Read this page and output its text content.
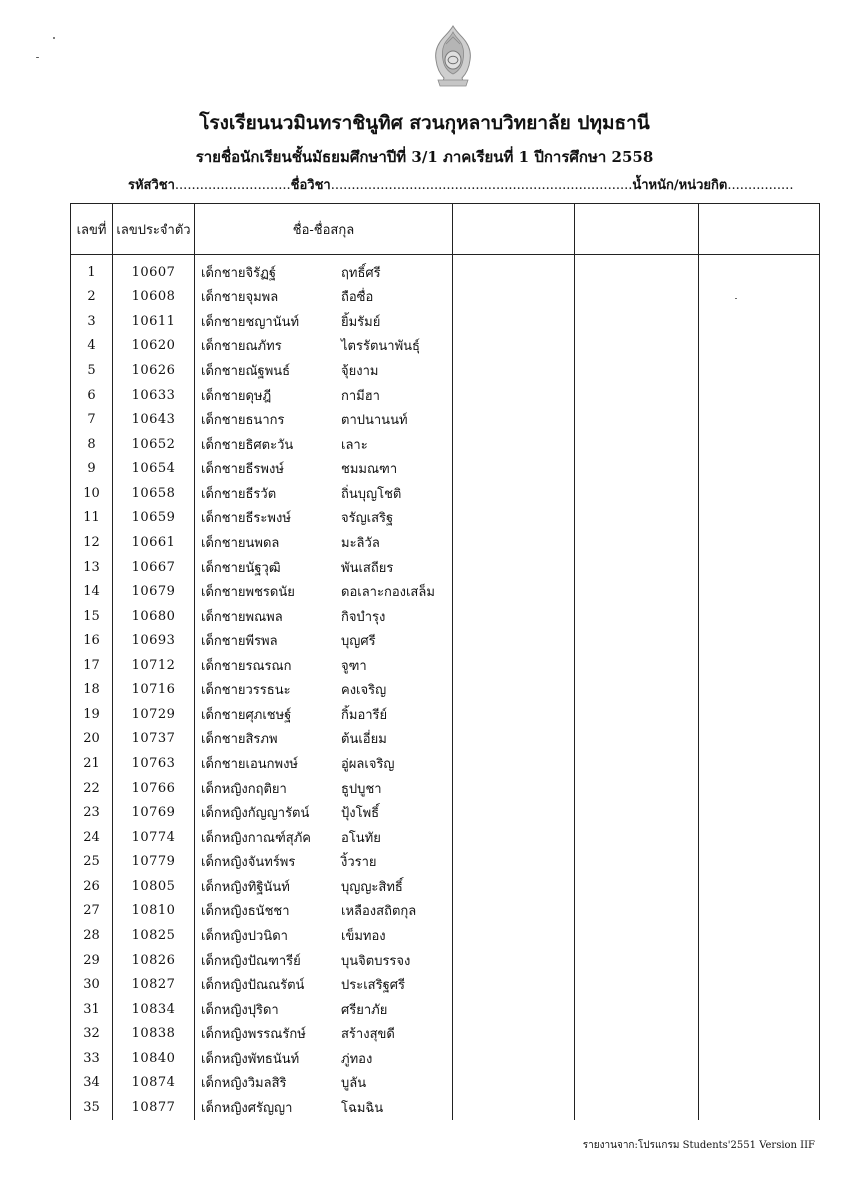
โรงเรียนนวมินทราชินูทิศ สวนกุหลาบวิทยาลัย ปทุมธานี
รายชื่อนักเรียนชั้นมัธยมศึกษาปีที่ 3/1 ภาคเรียนที่ 1 ปีการศึกษา 2558
รหัสวิชา............................ชื่อวิชา.........................................................................น้ำหนัก/หน่วยกิต................
เลขที่	เลขประจำตัว	ชื่อ-ชื่อสกุล			

1	10607	เด็กชายจิรัฏฐ์ ฤทธิ์ศรี			
2	10608	เด็กชายจุมพล ถือซื่อ			
3	10611	เด็กชายชญานันท์ ยิ้มรัมย์			
4	10620	เด็กชายณภัทร ไตรรัตนาพันธุ์			
5	10626	เด็กชายณัฐพนธ์ จุ้ยงาม			
6	10633	เด็กชายดุษฎี กามีฮา			
7	10643	เด็กชายธนากร ตาปนานนท์			
8	10652	เด็กชายธิศตะวัน เลาะ			
9	10654	เด็กชายธีรพงษ์ ชมมณฑา			
10	10658	เด็กชายธีรวัต ถิ่นบุญโชติ			
11	10659	เด็กชายธีระพงษ์ จรัญเสริฐ			
12	10661	เด็กชายนพดล มะลิวัล			
13	10667	เด็กชายนัฐวุฒิ พันเสถียร			
14	10679	เด็กชายพชรดนัย ดอเลาะกองเสล็ม			
15	10680	เด็กชายพณพล กิจบำรุง			
16	10693	เด็กชายพีรพล บุญศรี			
17	10712	เด็กชายรณรณก จูฑา			
18	10716	เด็กชายวรรธนะ คงเจริญ			
19	10729	เด็กชายศุภเชษฐ์ กิ้มอารีย์			
20	10737	เด็กชายสิรภพ ต้นเอี่ยม			
21	10763	เด็กชายเอนกพงษ์ อู่ผลเจริญ			
22	10766	เด็กหญิงกฤติยา ธูปบูชา			
23	10769	เด็กหญิงกัญญารัตน์ ปุ้งโพธิ์			
24	10774	เด็กหญิงกาณฑ์สุภัค อโนทัย			
25	10779	เด็กหญิงจันทร์พร งิ้วราย			
26	10805	เด็กหญิงทิฐินันท์ บุญญะสิทธิ์			
27	10810	เด็กหญิงธนัชชา เหลืองสถิตกุล			
28	10825	เด็กหญิงปวนิดา เข็มทอง			
29	10826	เด็กหญิงปัณฑารีย์ บุนจิตบรรจง			
30	10827	เด็กหญิงปัณณรัตน์ ประเสริฐศรี			
31	10834	เด็กหญิงปุริดา ศรียาภัย			
32	10838	เด็กหญิงพรรณรักษ์ สร้างสุขดี			
33	10840	เด็กหญิงพัทธนันท์ ภู่ทอง			
34	10874	เด็กหญิงวิมลสิริ บูลัน			
35	10877	เด็กหญิงศรัญญา โฉมฉิน			
รายงานจาก:โปรแกรม Students'2551 Version IIF
